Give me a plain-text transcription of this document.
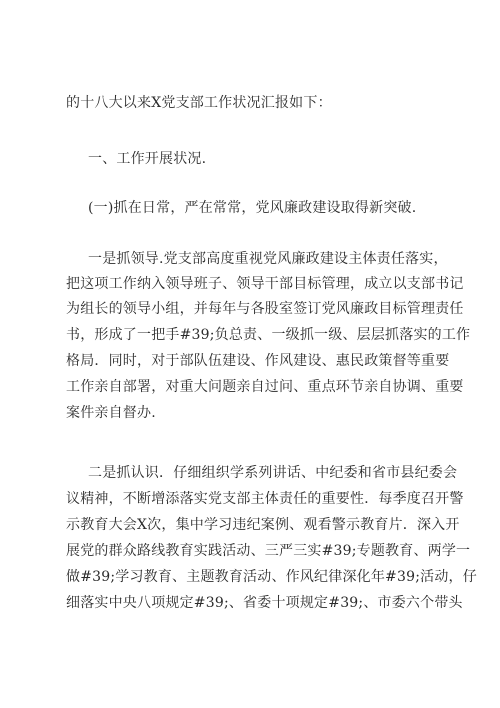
的十八大以来X党支部工作状况汇报如下：
一、工作开展状况.
(一)抓在日常，严在常常，党风廉政建设取得新突破.
一是抓领导.党支部高度重视党风廉政建设主体责任落实，
把这项工作纳入领导班子、领导干部目标管理，成立以支部书记
为组长的领导小组，并每年与各股室签订党风廉政目标管理责任
书，形成了一把手#39;负总责、一级抓一级、层层抓落实的工作
格局．同时，对于部队伍建设、作风建设、惠民政策督等重要
工作亲自部署，对重大问题亲自过问、重点环节亲自协调、重要
案件亲自督办.
二是抓认识．仔细组织学系列讲话、中纪委和省市县纪委会
议精神，不断增添落实党支部主体责任的重要性．每季度召开警
示教育大会X次，集中学习违纪案例、观看警示教育片．深入开
展党的群众路线教育实践活动、三严三实#39;专题教育、两学一
做#39;学习教育、主题教育活动、作风纪律深化年#39;活动，仔
细落实中央八项规定#39;、省委十项规定#39;、市委六个带头
